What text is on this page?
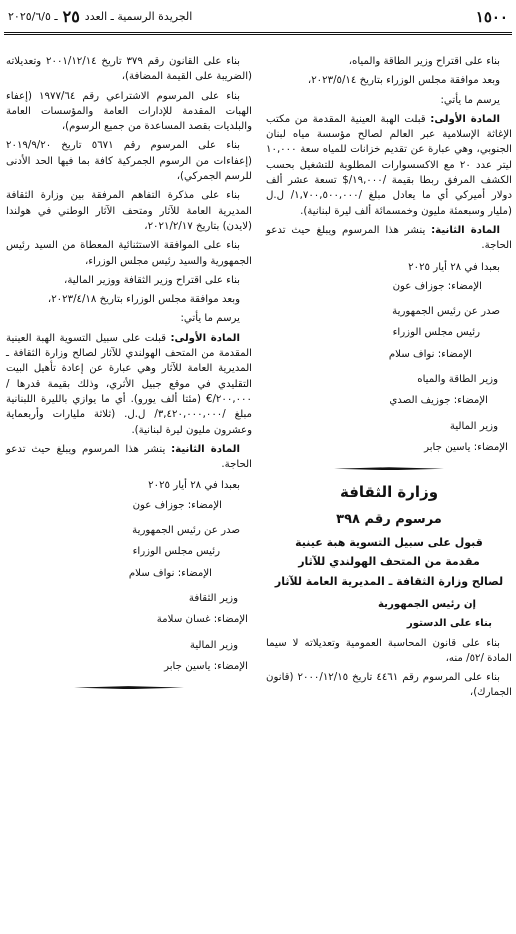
١٥٠٠
الجريدة الرسمية ـ العدد
٢٥
ـ ٢٠٢٥/٦/٥

بناء على اقتراح وزير الطاقة والمياه،

وبعد موافقة مجلس الوزراء بتاريخ ٢٠٢٣/٥/١٤،

يرسم ما يأتي:

المادة الأولى: قبلت الهبة العينية المقدمة من مكتب الإغاثة الإسلامية عبر العالم لصالح مؤسسة مياه لبنان الجنوبي، وهي عبارة عن تقديم خزانات للمياه سعة ١٠,٠٠٠ ليتر عدد ٢٠ مع الاكسسوارات المطلوبة للتشغيل بحسب الكشف المرفق ربطا بقيمة /١٩,٠٠٠/$ تسعة عشر ألف دولار أميركي أي ما يعادل مبلغ /١,٧٠٠,٥٠٠,٠٠٠/ ل.ل (مليار وسبعمئة مليون وخمسمائة ألف ليرة لبنانية).

المادة الثانية: ينشر هذا المرسوم ويبلغ حيث تدعو الحاجة.

بعبدا في ٢٨ أيار ٢٠٢٥

الإمضاء: جوزاف عون

صدر عن رئيس الجمهورية

رئيس مجلس الوزراء

الإمضاء: نواف سلام

وزير الطاقة والمياه

الإمضاء: جوزيف الصدي

وزير المالية

الإمضاء: ياسين جابر

وزارة الثقافة
مرسوم رقم ٣٩٨
قبول على سبيل التسوية هبة عينية
مقدمة من المتحف الهولندي للآثار
لصالح وزارة الثقافة ـ المديرية العامة للآثار

إن رئيس الجمهورية

بناء على الدستور

بناء على قانون المحاسبة العمومية وتعديلاته لا سيما المادة /٥٢/ منه،

بناء على المرسوم رقم ٤٤٦١ تاريخ ٢٠٠٠/١٢/١٥ (قانون الجمارك)،

بناء على القانون رقم ٣٧٩ تاريخ ٢٠٠١/١٢/١٤ وتعديلاته (الضريبة على القيمة المضافة)،

بناء على المرسوم الاشتراعي رقم ١٩٧٧/٦٤ (إعفاء الهبات المقدمة للإدارات العامة والمؤسسات العامة والبلديات بقصد المساعدة من جميع الرسوم)،

بناء على المرسوم رقم ٥٦٧١ تاريخ ٢٠١٩/٩/٢٠ (إعفاءات من الرسوم الجمركية كافة بما فيها الحد الأدنى للرسم الجمركي)،

بناء على مذكرة التفاهم المرفقة بين وزارة الثقافة المديرية العامة للآثار ومتحف الآثار الوطني في هولندا (لايدن) بتاريخ ٢٠٢١/٢/١٧،

بناء على الموافقة الاستثنائية المعطاة من السيد رئيس الجمهورية والسيد رئيس مجلس الوزراء،

بناء على اقتراح وزير الثقافة ووزير المالية،

وبعد موافقة مجلس الوزراء بتاريخ ٢٠٢٣/٤/١٨،

يرسم ما يأتي:

المادة الأولى: قبلت على سبيل التسوية الهبة العينية المقدمة من المتحف الهولندي للآثار لصالح وزارة الثقافة ـ المديرية العامة للآثار وهي عبارة عن إعادة تأهيل البيت التقليدي في موقع جبيل الأثري، وذلك بقيمة قدرها /٢٠٠,٠٠٠/€ (مئتا ألف يورو). أي ما يوازي بالليرة اللبنانية مبلغ /٣,٤٢٠,٠٠٠,٠٠٠/ ل.ل. (ثلاثة مليارات وأربعماية وعشرون مليون ليرة لبنانية).

المادة الثانية: ينشر هذا المرسوم ويبلغ حيث تدعو الحاجة.

بعبدا في ٢٨ أيار ٢٠٢٥

الإمضاء: جوزاف عون

صدر عن رئيس الجمهورية

رئيس مجلس الوزراء

الإمضاء: نواف سلام

وزير الثقافة

الإمضاء: غسان سلامة

وزير المالية

الإمضاء: ياسين جابر
